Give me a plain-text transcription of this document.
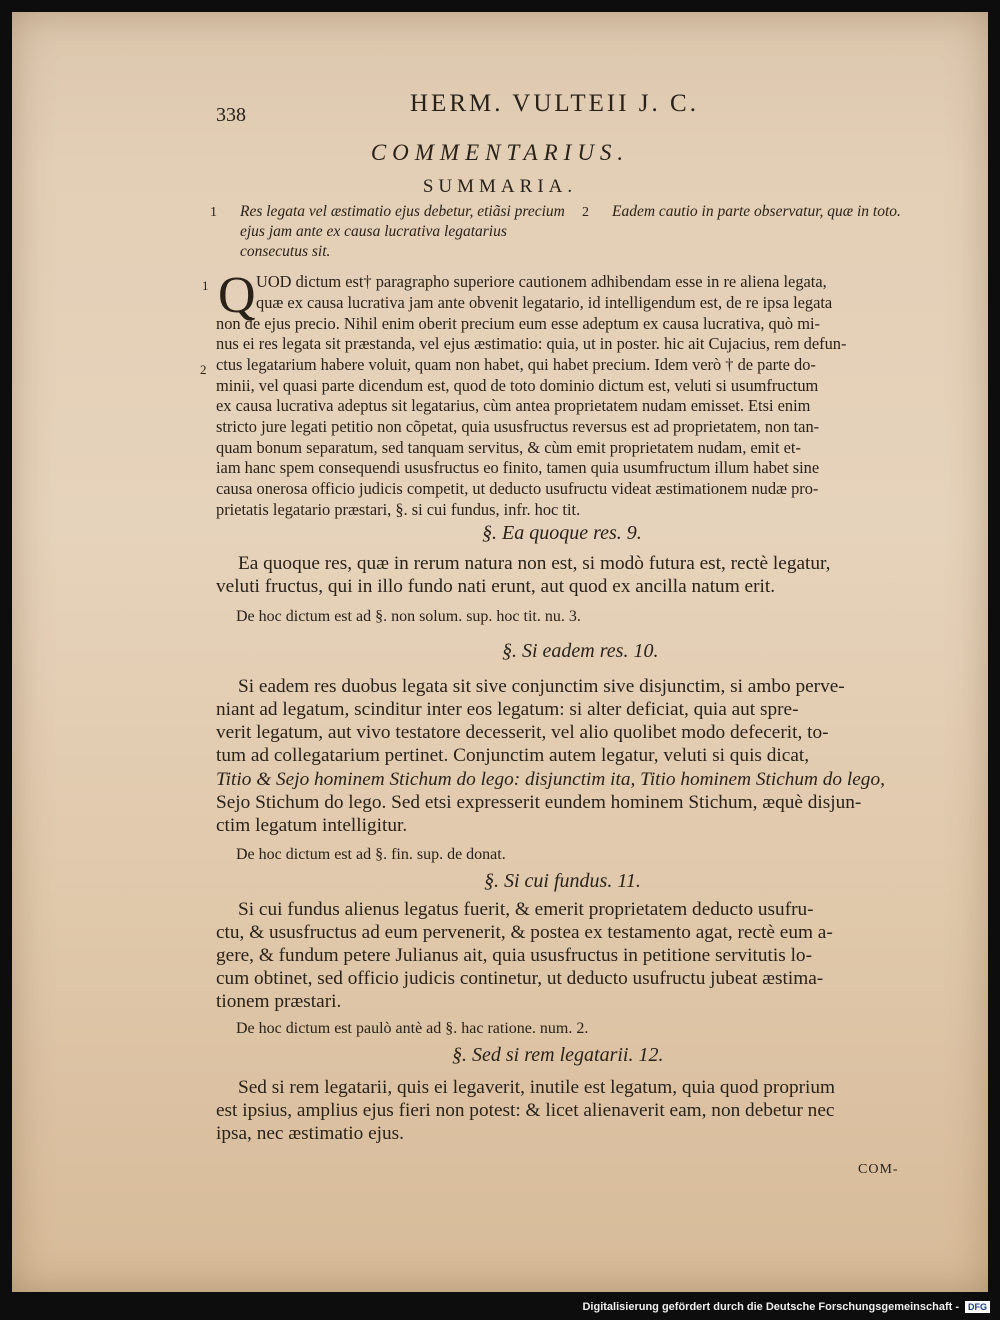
338	HERM. VULTEII J. C.
COMMENTARIUS.
SUMMARIA.
1 Res legata vel æstimatio ejus debetur, etiãsi precium ejus jam ante ex causa lucrativa legatarius consecutus sit.
2 Eadem cautio in parte observatur, quæ in toto.
1
2
Q UOD dictum est† paragrapho superiore cautionem adhibendam esse in re aliena legata,
quæ ex causa lucrativa jam ante obvenit legatario, id intelligendum est, de re ipsa legata
non de ejus precio. Nihil enim oberit precium eum esse adeptum ex causa lucrativa, quò mi-
nus ei res legata sit præstanda, vel ejus æstimatio: quia, ut in poster. hic ait Cujacius, rem defun-
ctus legatarium habere voluit, quam non habet, qui habet precium. Idem verò † de parte do-
minii, vel quasi parte dicendum est, quod de toto dominio dictum est, veluti si usumfructum
ex causa lucrativa adeptus sit legatarius, cùm antea proprietatem nudam emisset. Etsi enim
stricto jure legati petitio non cõpetat, quia ususfructus reversus est ad proprietatem, non tan-
quam bonum separatum, sed tanquam servitus, & cùm emit proprietatem nudam, emit et-
iam hanc spem consequendi ususfructus eo finito, tamen quia usumfructum illum habet sine
causa onerosa officio judicis competit, ut deducto usufructu videat æstimationem nudæ pro-
prietatis legatario præstari, §. si cui fundus, infr. hoc tit.
§. Ea quoque res. 9.
Ea quoque res, quæ in rerum natura non est, si modò futura est, rectè legatur,
veluti fructus, qui in illo fundo nati erunt, aut quod ex ancilla natum erit.
De hoc dictum est ad §. non solum. sup. hoc tit. nu. 3.
§. Si eadem res. 10.
Si eadem res duobus legata sit sive conjunctim sive disjunctim, si ambo perve-
niant ad legatum, scinditur inter eos legatum: si alter deficiat, quia aut spre-
verit legatum, aut vivo testatore decesserit, vel alio quolibet modo defecerit, to-
tum ad collegatarium pertinet. Conjunctim autem legatur, veluti si quis dicat,
Titio & Sejo hominem Stichum do lego: disjunctim ita, Titio hominem Stichum do lego,
Sejo Stichum do lego. Sed etsi expresserit eundem hominem Stichum, æquè disjun-
ctim legatum intelligitur.
De hoc dictum est ad §. fin. sup. de donat.
§. Si cui fundus. 11.
Si cui fundus alienus legatus fuerit, & emerit proprietatem deducto usufru-
ctu, & ususfructus ad eum pervenerit, & postea ex testamento agat, rectè eum a-
gere, & fundum petere Julianus ait, quia ususfructus in petitione servitutis lo-
cum obtinet, sed officio judicis continetur, ut deducto usufructu jubeat æstima-
tionem præstari.
De hoc dictum est paulò antè ad §. hac ratione. num. 2.
§. Sed si rem legatarii. 12.
Sed si rem legatarii, quis ei legaverit, inutile est legatum, quia quod proprium
est ipsius, amplius ejus fieri non potest: & licet alienaverit eam, non debetur nec
ipsa, nec æstimatio ejus.
COM-
Digitalisierung gefördert durch die Deutsche Forschungsgemeinschaft -	DFG
